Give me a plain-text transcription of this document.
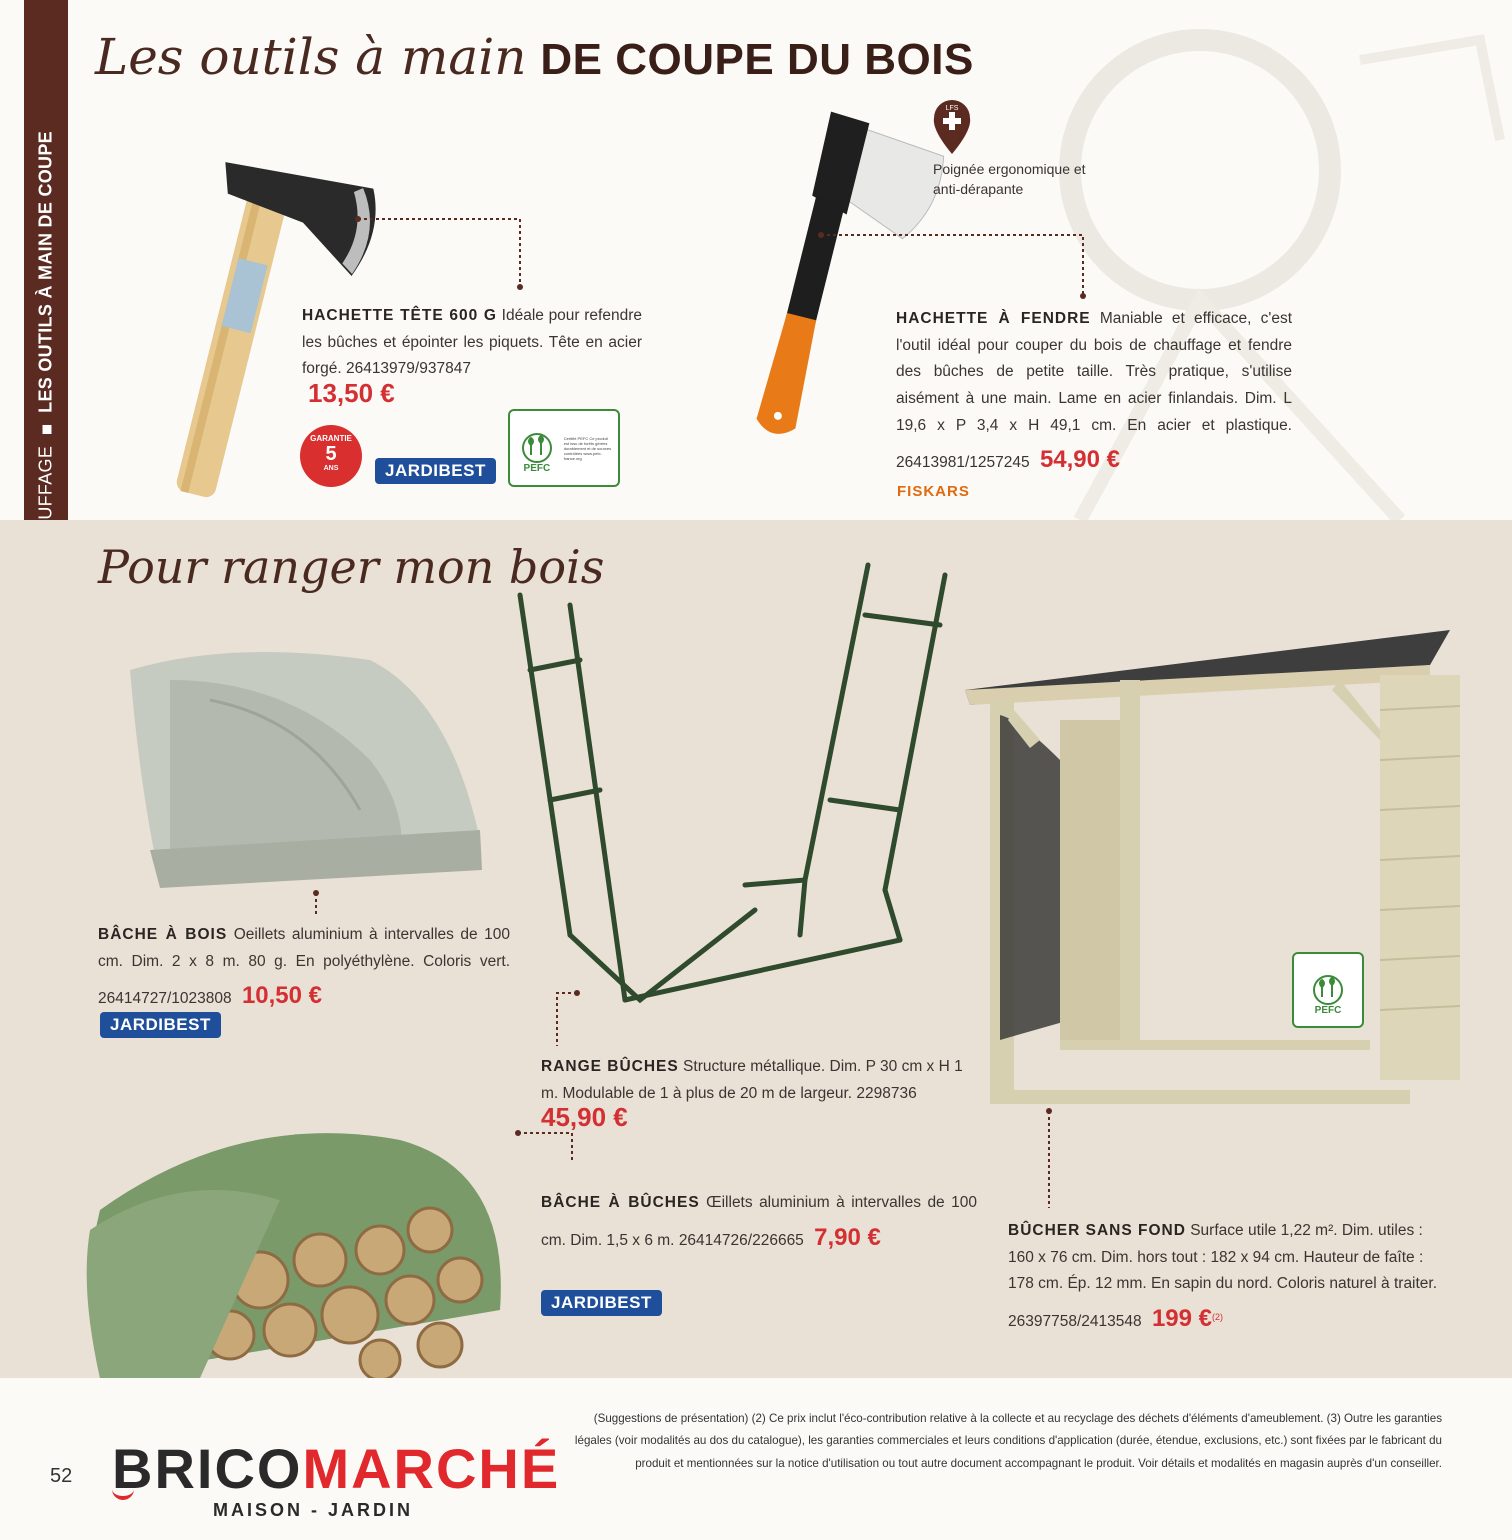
LES OUTILS À MAIN DE COUPE
Les outils à main DE COUPE DU BOIS
HACHETTE TÊTE 600 G Idéale pour refendre les bûches et épointer les piquets. Tête en acier forgé. 26413979/937847
13,50 €
GARANTIE
5
ANS	JARDIBEST	PEFC
Certifié PEFC Ce produit est issu de forêts gérées durablement et de sources contrôlées www.pefc-france.org
LFS
Poignée ergonomique et anti-dérapante
HACHETTE À FENDRE Maniable et efficace, c'est l'outil idéal pour couper du bois de chauffage et fendre des bûches de petite taille. Très pratique, s'utilise aisément à une main. Lame en acier finlandais. Dim. L 19,6 x P 3,4 x H 49,1 cm. En acier et plastique. 26413981/1257245 54,90 €
FISKARS
Pour ranger mon bois
BÂCHE À BOIS Oeillets aluminium à intervalles de 100 cm. Dim. 2 x 8 m. 80 g. En polyéthylène. Coloris vert. 26414727/1023808 10,50 €
JARDIBEST
RANGE BÛCHES Structure métallique. Dim. P 30 cm x H 1 m. Modulable de 1 à plus de 20 m de largeur. 2298736
45,90 €
BÂCHE À BÛCHES Œillets aluminium à intervalles de 100 cm. Dim. 1,5 x 6 m. 26414726/226665 7,90 €
JARDIBEST
PEFC
BÛCHER SANS FOND Surface utile 1,22 m². Dim. utiles : 160 x 76 cm. Dim. hors tout : 182 x 94 cm. Hauteur de faîte : 178 cm. Ép. 12 mm. En sapin du nord. Coloris naturel à traiter. 26397758/2413548 199 €$^{(2)}$
52 BRICOMARCHÉ
MAISON - JARDIN
(Suggestions de présentation) (2) Ce prix inclut l'éco-contribution relative à la collecte et au recyclage des déchets d'éléments d'ameublement. (3) Outre les garanties légales (voir modalités au dos du catalogue), les garanties commerciales et leurs conditions d'application (durée, étendue, exclusions, etc.) sont fixées par le fabricant du produit et mentionnées sur la notice d'utilisation ou tout autre document accompagnant le produit. Voir détails et modalités en magasin auprès d'un conseiller.
